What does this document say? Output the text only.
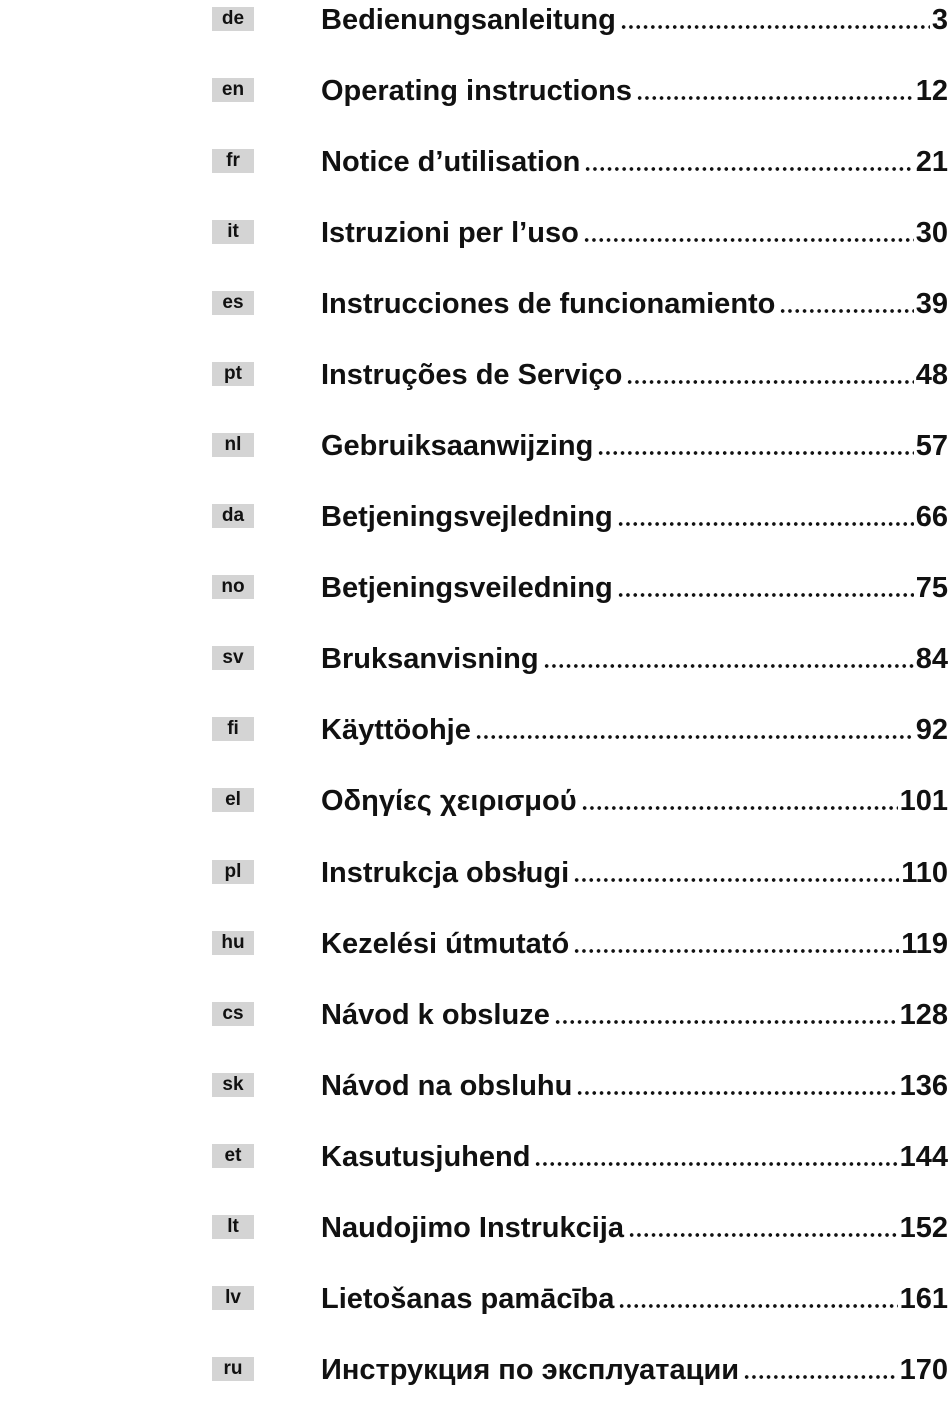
de	Bedienungsanleitung	3
en	Operating instructions	12
fr	Notice d’utilisation	21
it	Istruzioni per l’uso	30
es	Instrucciones de funcionamiento	39
pt	Instruções de Serviço	48
nl	Gebruiksaanwijzing	57
da	Betjeningsvejledning	66
no	Betjeningsveiledning	75
sv	Bruksanvisning	84
fi	Käyttöohje	92
el	Οδηγίες χειρισμού	101
pl	Instrukcja obsługi	110
hu	Kezelési útmutató	119
cs	Návod k obsluze	128
sk	Návod na obsluhu	136
et	Kasutusjuhend	144
lt	Naudojimo Instrukcija	152
lv	Lietošanas pamācība	161
ru	Инструкция по эксплуатации	170
